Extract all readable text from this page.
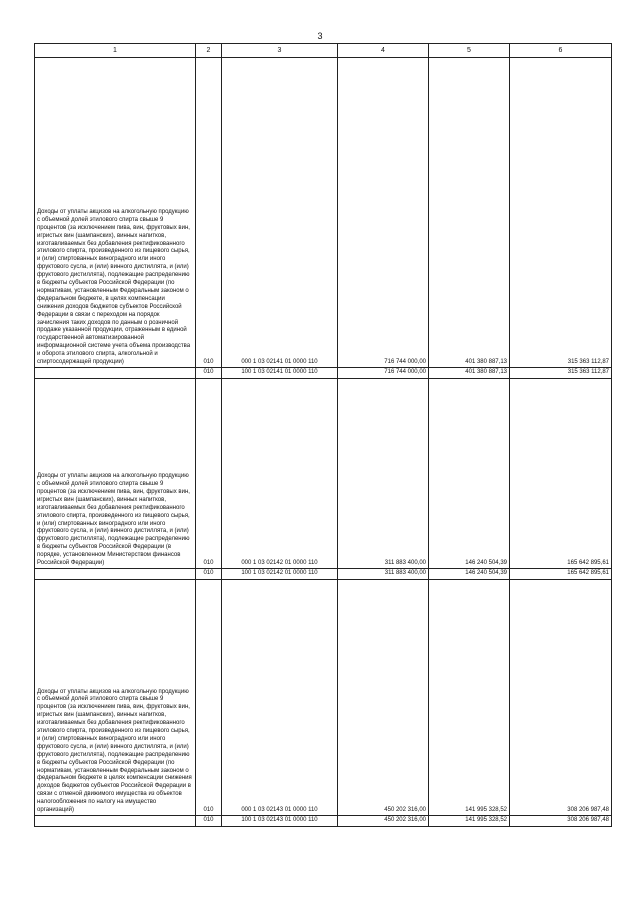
3
1	2	3	4	5	6
Доходы от уплаты акцизов на алкогольную продукцию с объемной долей этилового спирта свыше 9 процентов (за исключением пива, вин, фруктовых вин, игристых вин (шампанских), винных напитков, изготавливаемых без добавления ректификованного этилового спирта, произведенного из пищевого сырья, и (или) спиртованных виноградного или иного фруктового сусла, и (или) винного дистиллята, и (или) фруктового дистиллята), подлежащие распределению в бюджеты субъектов Российской Федерации (по нормативам, установленным Федеральным законом о федеральном бюджете, в целях компенсации снижения доходов бюджетов субъектов Российской Федерации в связи с переходом на порядок зачисления таких доходов по данным о розничной продаже указанной продукции, отраженным в единой государственной автоматизированной информационной системе учета объема производства и оборота этилового спирта, алкогольной и спиртосодержащей продукции)	010	000 1 03 02141 01 0000 110	716 744 000,00	401 380 887,13	315 363 112,87
	010	100 1 03 02141 01 0000 110	716 744 000,00	401 380 887,13	315 363 112,87
Доходы от уплаты акцизов на алкогольную продукцию с объемной долей этилового спирта свыше 9 процентов (за исключением пива, вин, фруктовых вин, игристых вин (шампанских), винных напитков, изготавливаемых без добавления ректификованного этилового спирта, произведенного из пищевого сырья, и (или) спиртованных виноградного или иного фруктового сусла, и (или) винного дистиллята, и (или) фруктового дистиллята), подлежащие распределению в бюджеты субъектов Российской Федерации (в порядке, установленном Министерством финансов Российской Федерации)	010	000 1 03 02142 01 0000 110	311 883 400,00	146 240 504,39	165 642 895,61
	010	100 1 03 02142 01 0000 110	311 883 400,00	146 240 504,39	165 642 895,61
Доходы от уплаты акцизов на алкогольную продукцию с объемной долей этилового спирта свыше 9 процентов (за исключением пива, вин, фруктовых вин, игристых вин (шампанских), винных напитков, изготавливаемых без добавления ректификованного этилового спирта, произведенного из пищевого сырья, и (или) спиртованных виноградного или иного фруктового сусла, и (или) винного дистиллята, и (или) фруктового дистиллята), подлежащие распределению в бюджеты субъектов Российской Федерации (по нормативам, установленным Федеральным законом о федеральном бюджете в целях компенсации снижения доходов бюджетов субъектов Российской Федерации в связи с отменой движимого имущества из объектов налогообложения по налогу на имущество организаций)	010	000 1 03 02143 01 0000 110	450 202 316,00	141 995 328,52	308 206 987,48
	010	100 1 03 02143 01 0000 110	450 202 316,00	141 995 328,52	308 206 987,48
